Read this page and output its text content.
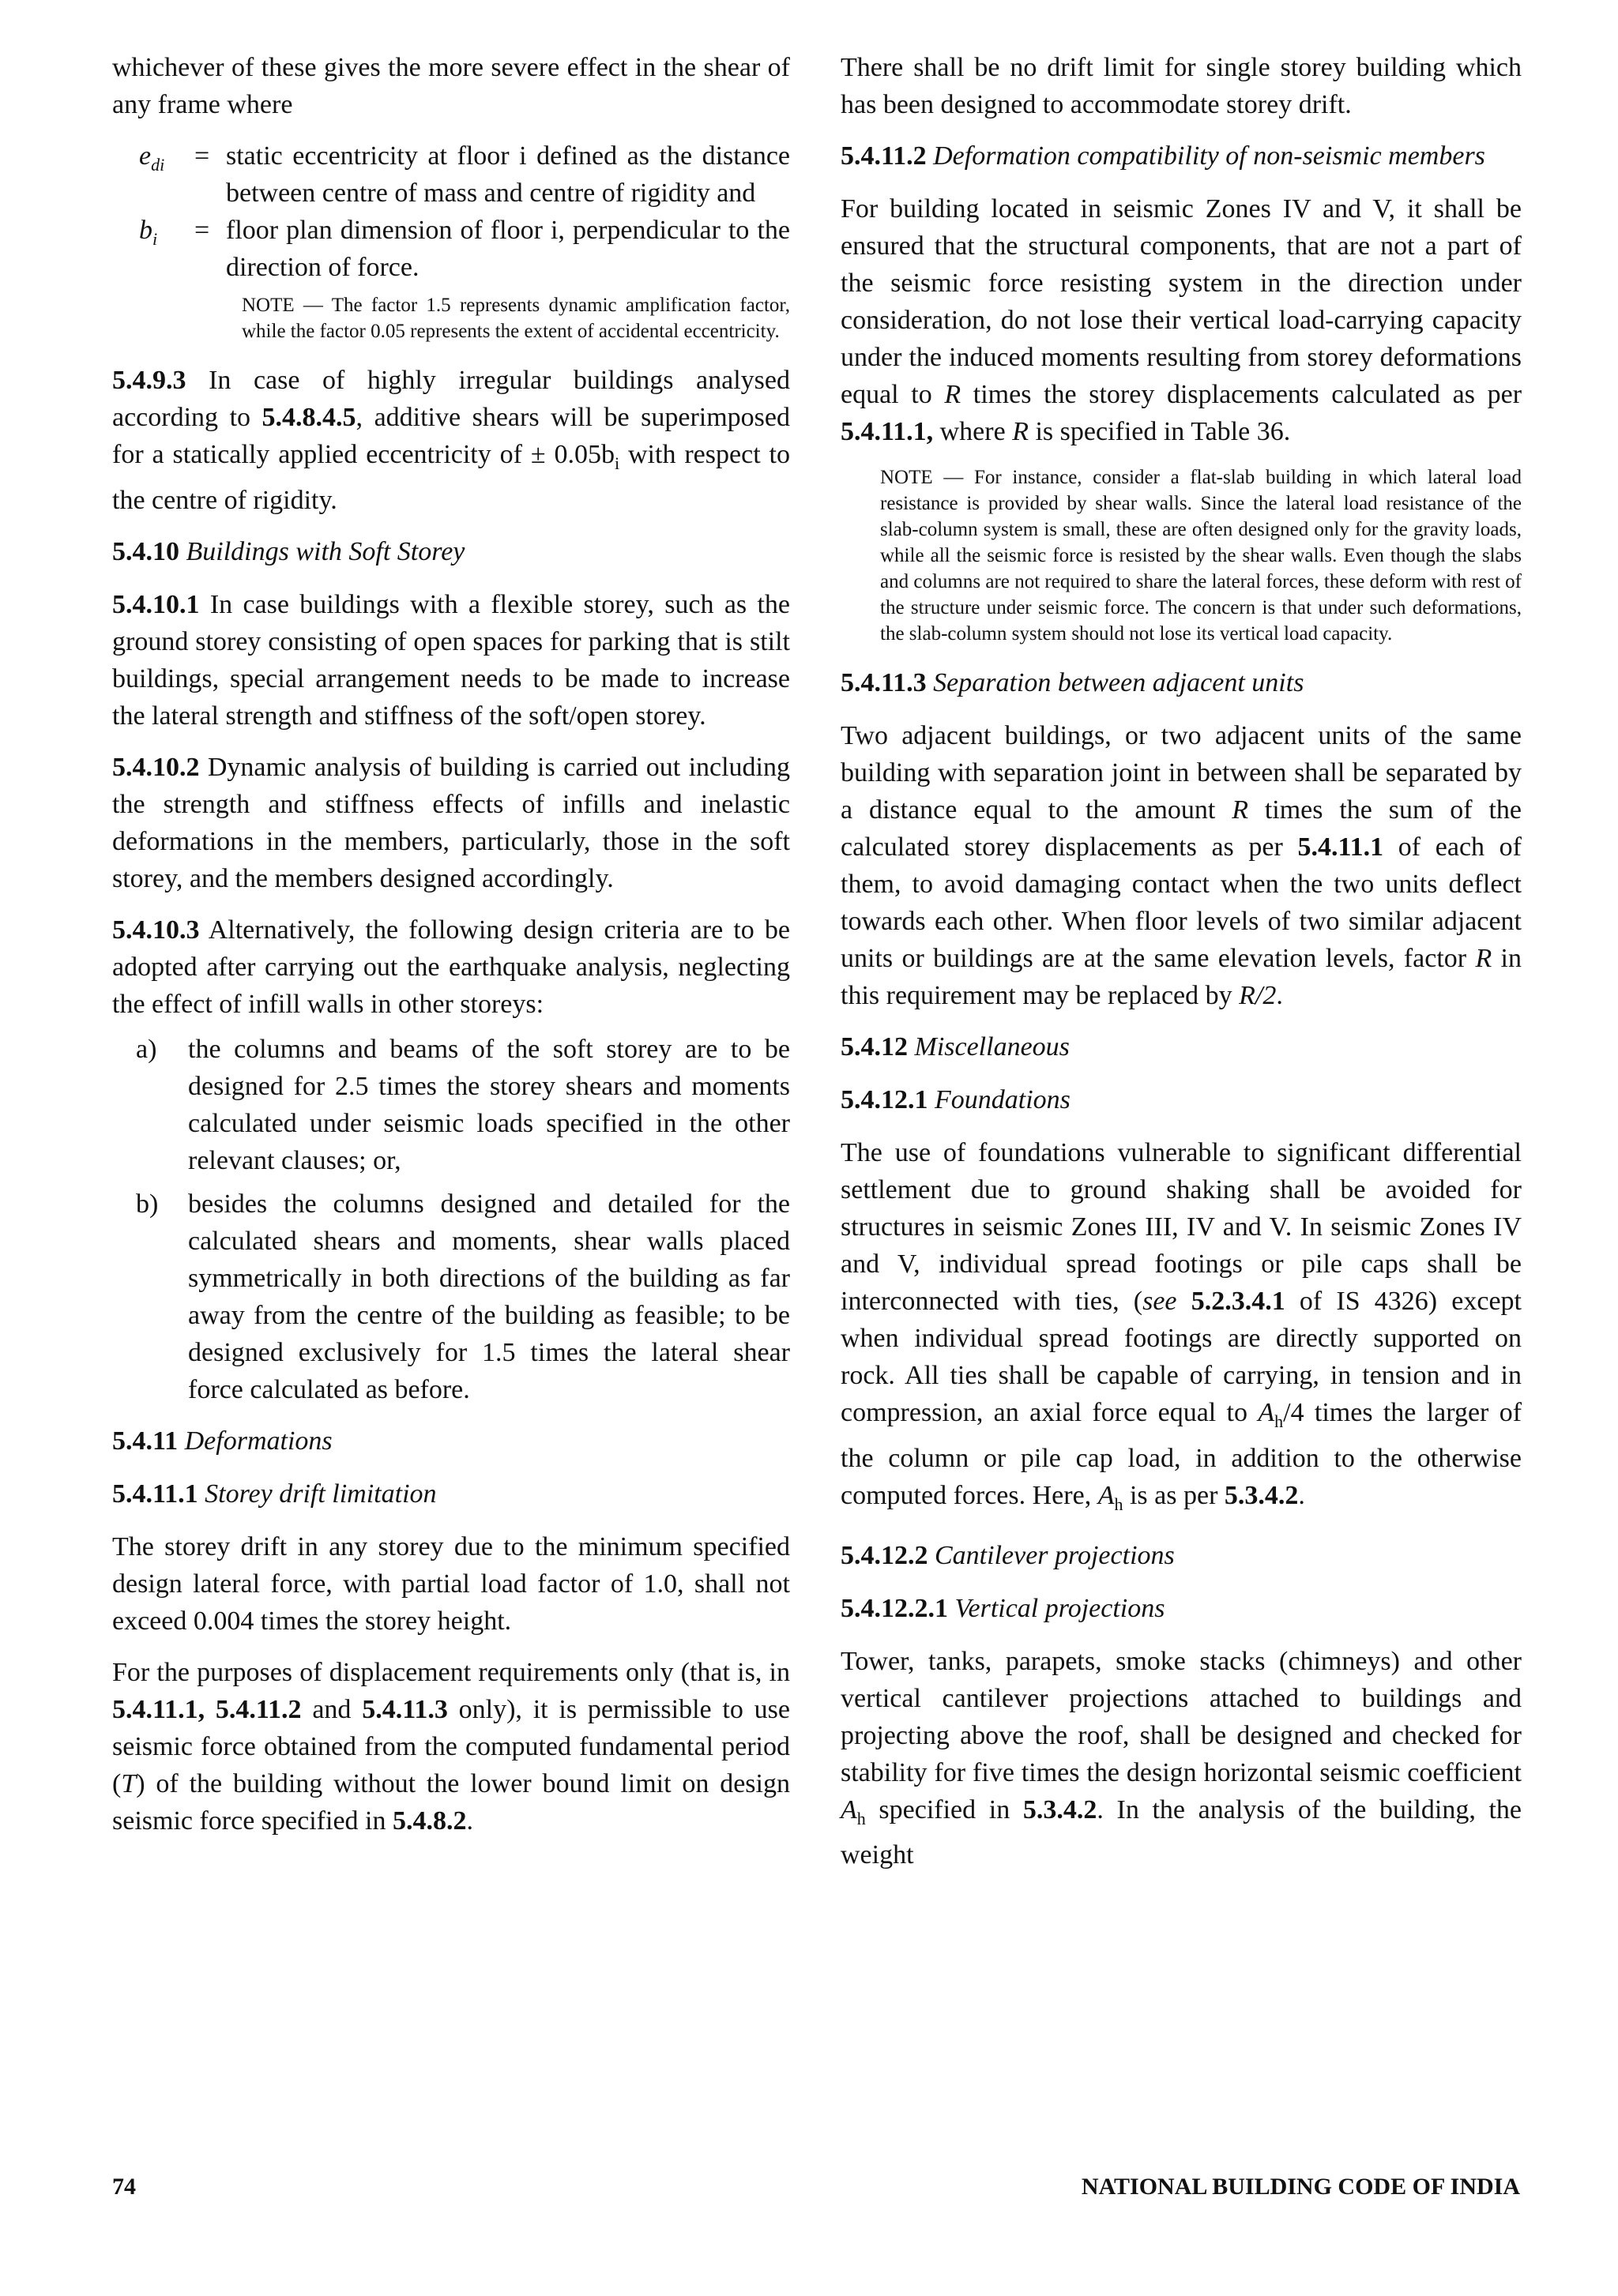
whichever of these gives the more severe effect in the shear of any frame where

$e_{di}$	= static eccentricity at floor i defined as the distance between centre of mass and centre of rigidity and
$b_i$	= floor plan dimension of floor i, perpendicular to the direction of force.

NOTE — The factor 1.5 represents dynamic amplification factor, while the factor 0.05 represents the extent of accidental eccentricity.

5.4.9.3 In case of highly irregular buildings analysed according to 5.4.8.4.5, additive shears will be superimposed for a statically applied eccentricity of ± $0.05b_i$ with respect to the centre of rigidity.

5.4.10 Buildings with Soft Storey

5.4.10.1 In case buildings with a flexible storey, such as the ground storey consisting of open spaces for parking that is stilt buildings, special arrangement needs to be made to increase the lateral strength and stiffness of the soft/open storey.

5.4.10.2 Dynamic analysis of building is carried out including the strength and stiffness effects of infills and inelastic deformations in the members, particularly, those in the soft storey, and the members designed accordingly.

5.4.10.3 Alternatively, the following design criteria are to be adopted after carrying out the earthquake analysis, neglecting the effect of infill walls in other storeys:

a)	the columns and beams of the soft storey are to be designed for 2.5 times the storey shears and moments calculated under seismic loads specified in the other relevant clauses; or,
b)	besides the columns designed and detailed for the calculated shears and moments, shear walls placed symmetrically in both directions of the building as far away from the centre of the building as feasible; to be designed exclusively for 1.5 times the lateral shear force calculated as before.

5.4.11 Deformations

5.4.11.1 Storey drift limitation

The storey drift in any storey due to the minimum specified design lateral force, with partial load factor of 1.0, shall not exceed 0.004 times the storey height.

For the purposes of displacement requirements only (that is, in 5.4.11.1, 5.4.11.2 and 5.4.11.3 only), it is permissible to use seismic force obtained from the computed fundamental period (T) of the building without the lower bound limit on design seismic force specified in 5.4.8.2.

There shall be no drift limit for single storey building which has been designed to accommodate storey drift.

5.4.11.2 Deformation compatibility of non-seismic members

For building located in seismic Zones IV and V, it shall be ensured that the structural components, that are not a part of the seismic force resisting system in the direction under consideration, do not lose their vertical load-carrying capacity under the induced moments resulting from storey deformations equal to R times the storey displacements calculated as per 5.4.11.1, where R is specified in Table 36.

NOTE — For instance, consider a flat-slab building in which lateral load resistance is provided by shear walls. Since the lateral load resistance of the slab-column system is small, these are often designed only for the gravity loads, while all the seismic force is resisted by the shear walls. Even though the slabs and columns are not required to share the lateral forces, these deform with rest of the structure under seismic force. The concern is that under such deformations, the slab-column system should not lose its vertical load capacity.

5.4.11.3 Separation between adjacent units

Two adjacent buildings, or two adjacent units of the same building with separation joint in between shall be separated by a distance equal to the amount R times the sum of the calculated storey displacements as per 5.4.11.1 of each of them, to avoid damaging contact when the two units deflect towards each other. When floor levels of two similar adjacent units or buildings are at the same elevation levels, factor R in this requirement may be replaced by R/2.

5.4.12 Miscellaneous

5.4.12.1 Foundations

The use of foundations vulnerable to significant differential settlement due to ground shaking shall be avoided for structures in seismic Zones III, IV and V. In seismic Zones IV and V, individual spread footings or pile caps shall be interconnected with ties, (see 5.2.3.4.1 of IS 4326) except when individual spread footings are directly supported on rock. All ties shall be capable of carrying, in tension and in compression, an axial force equal to $A_h/4$ times the larger of the column or pile cap load, in addition to the otherwise computed forces. Here, $A_h$ is as per 5.3.4.2.

5.4.12.2 Cantilever projections

5.4.12.2.1 Vertical projections

Tower, tanks, parapets, smoke stacks (chimneys) and other vertical cantilever projections attached to buildings and projecting above the roof, shall be designed and checked for stability for five times the design horizontal seismic coefficient $A_h$ specified in 5.3.4.2. In the analysis of the building, the weight

74	NATIONAL BUILDING CODE OF INDIA
